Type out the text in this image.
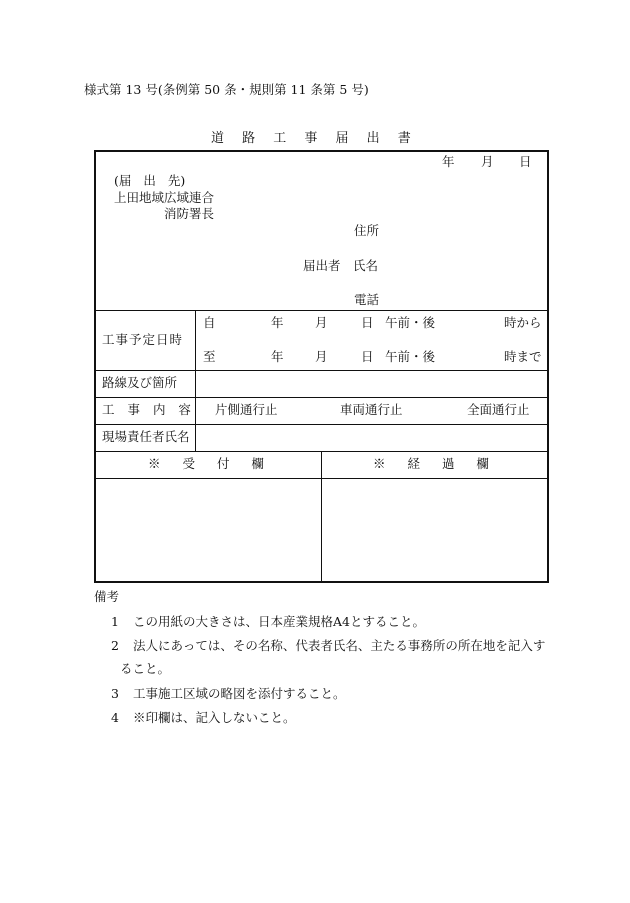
様式第 13 号(条例第 50 条・規則第 11 条第 5 号)
道 路 工 事 届 出 書
年 月 日
(届 出 先)
上田地域広域連合
消防署長
住所
届出者 氏名
電話
工事予定日時
自	年	月	日 午前・後	時から
至	年	月	日 午前・後	時まで
路線及び箇所
工 事 内 容 片側通行止	車両通行止	全面通行止
現場責任者氏名
※ 受 付 欄	※ 経 過 欄
備考
1 この用紙の大きさは、日本産業規格A4とすること。
2 法人にあっては、その名称、代表者氏名、主たる事務所の所在地を記入す
ること。
3 工事施工区域の略図を添付すること。
4 ※印欄は、記入しないこと。
